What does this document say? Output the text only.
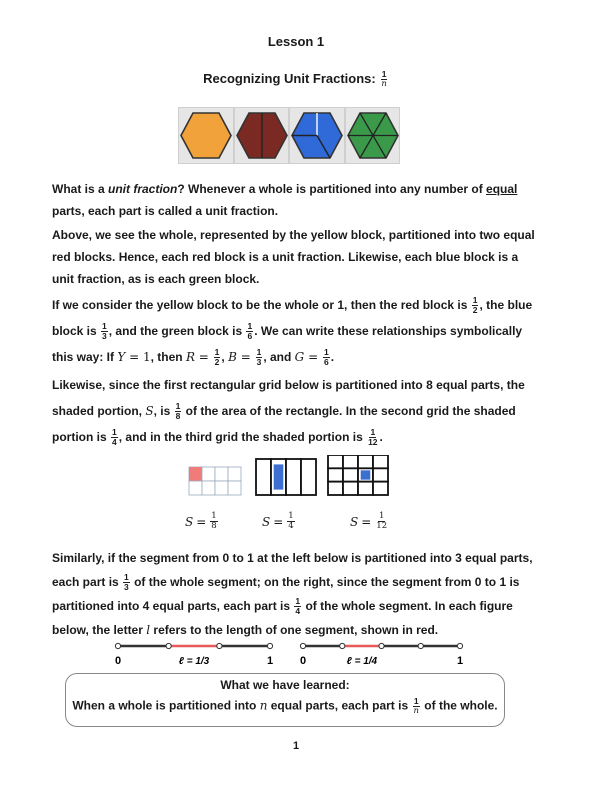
Lesson 1
Recognizing Unit Fractions: $\frac{1}{n}$

What is a unit fraction? Whenever a whole is partitioned into any number of equal parts, each part is called a unit fraction.

Above, we see the whole, represented by the yellow block, partitioned into two equal red blocks. Hence, each red block is a unit fraction. Likewise, each blue block is a unit fraction, as is each green block.

If we consider the yellow block to be the whole or 1, then the red block is $\frac{1}{2}$ , the blue block is $\frac{1}{3}$ , and the green block is $\frac{1}{6}$ . We can write these relationships symbolically this way: If Y = 1, then $R = \frac{1}{2}$ , $B = \frac{1}{3}$ , and $G = \frac{1}{6}$ .

Likewise, since the first rectangular grid below is partitioned into 8 equal parts, the shaded portion, S, is $\frac{1}{8}$ of the area of the rectangle. In the second grid the shaded portion is $\frac{1}{4}$ , and in the third grid the shaded portion is $\frac{1}{12}$ .

$S = \frac{1}{8}$	$S = \frac{1}{4}$	$S = \frac{1}{12}$

Similarly, if the segment from 0 to 1 at the left below is partitioned into 3 equal parts, each part is $\frac{1}{3}$ of the whole segment; on the right, since the segment from 0 to 1 is partitioned into 4 equal parts, each part is $\frac{1}{4}$ of the whole segment. In each figure below, the letter l refers to the length of one segment, shown in red.

0	1
ℓ = 1/3	0	1
ℓ = 1/4
What we have learned:
When a whole is partitioned into n equal parts, each part is $\frac{1}{n}$ of the whole.
1
